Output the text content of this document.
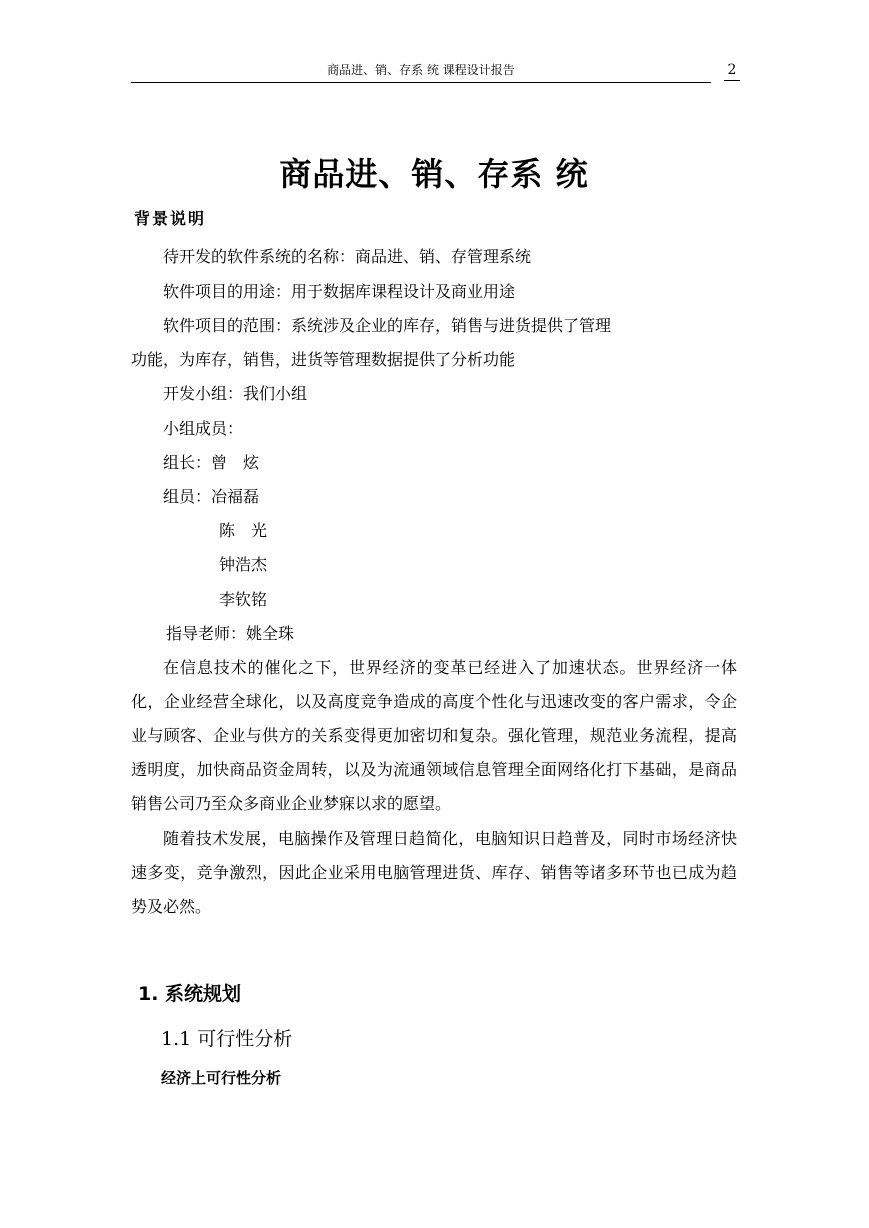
商品进、销、存系 统 课程设计报告	2
商品进、销、存系 统
背景说明
待开发的软件系统的名称：商品进、销、存管理系统
软件项目的用途：用于数据库课程设计及商业用途
软件项目的范围：系统涉及企业的库存，销售与进货提供了管理
功能，为库存，销售，进货等管理数据提供了分析功能
开发小组：我们小组
小组成员：
组长：曾　炫
组员：冶福磊
陈　光
钟浩杰
李钦铭
指导老师：姚全珠
在信息技术的催化之下，世界经济的变革已经进入了加速状态。世界经济一体化，企业经营全球化，以及高度竞争造成的高度个性化与迅速改变的客户需求，令企业与顾客、企业与供方的关系变得更加密切和复杂。强化管理，规范业务流程，提高透明度，加快商品资金周转，以及为流通领域信息管理全面网络化打下基础，是商品销售公司乃至众多商业企业梦寐以求的愿望。
随着技术发展，电脑操作及管理日趋简化，电脑知识日趋普及，同时市场经济快速多变，竞争激烈，因此企业采用电脑管理进货、库存、销售等诸多环节也已成为趋势及必然。
1. 系统规划
1.1 可行性分析
经济上可行性分析
